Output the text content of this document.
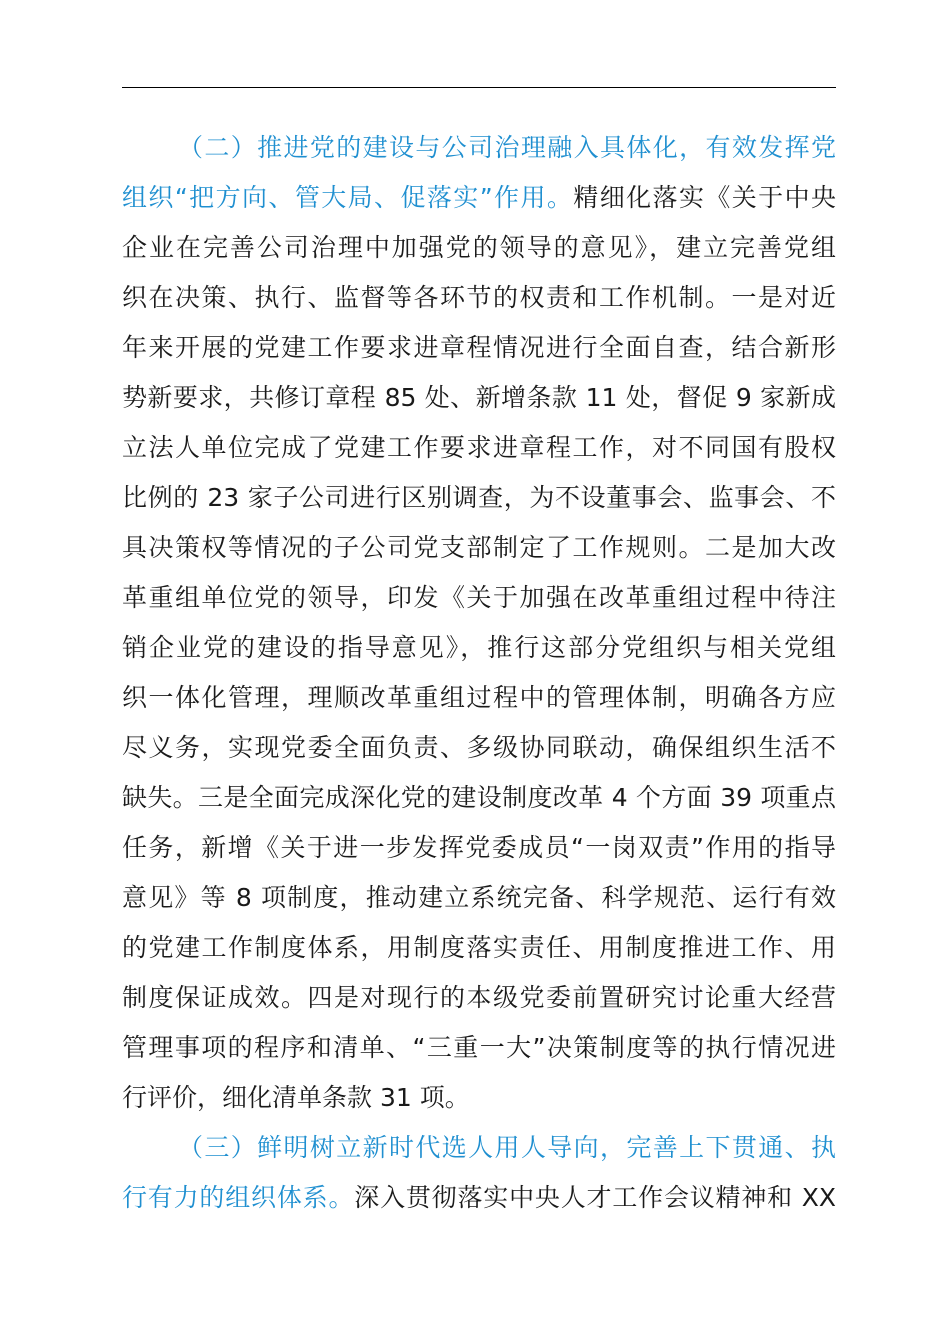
（二）推进党的建设与公司治理融入具体化，有效发挥党
组织“把方向、管大局、促落实”作用。精细化落实《关于中央
企业在完善公司治理中加强党的领导的意见》，建立完善党组
织在决策、执行、监督等各环节的权责和工作机制。一是对近
年来开展的党建工作要求进章程情况进行全面自查，结合新形
势新要求，共修订章程 85 处、新增条款 11 处，督促 9 家新成
立法人单位完成了党建工作要求进章程工作，对不同国有股权
比例的 23 家子公司进行区别调查，为不设董事会、监事会、不
具决策权等情况的子公司党支部制定了工作规则。二是加大改
革重组单位党的领导，印发《关于加强在改革重组过程中待注
销企业党的建设的指导意见》，推行这部分党组织与相关党组
织一体化管理，理顺改革重组过程中的管理体制，明确各方应
尽义务，实现党委全面负责、多级协同联动，确保组织生活不
缺失。三是全面完成深化党的建设制度改革 4 个方面 39 项重点
任务，新增《关于进一步发挥党委成员“一岗双责”作用的指导
意见》等 8 项制度，推动建立系统完备、科学规范、运行有效
的党建工作制度体系，用制度落实责任、用制度推进工作、用
制度保证成效。四是对现行的本级党委前置研究讨论重大经营
管理事项的程序和清单、“三重一大”决策制度等的执行情况进
行评价，细化清单条款 31 项。
（三）鲜明树立新时代选人用人导向，完善上下贯通、执
行有力的组织体系。深入贯彻落实中央人才工作会议精神和 XX
